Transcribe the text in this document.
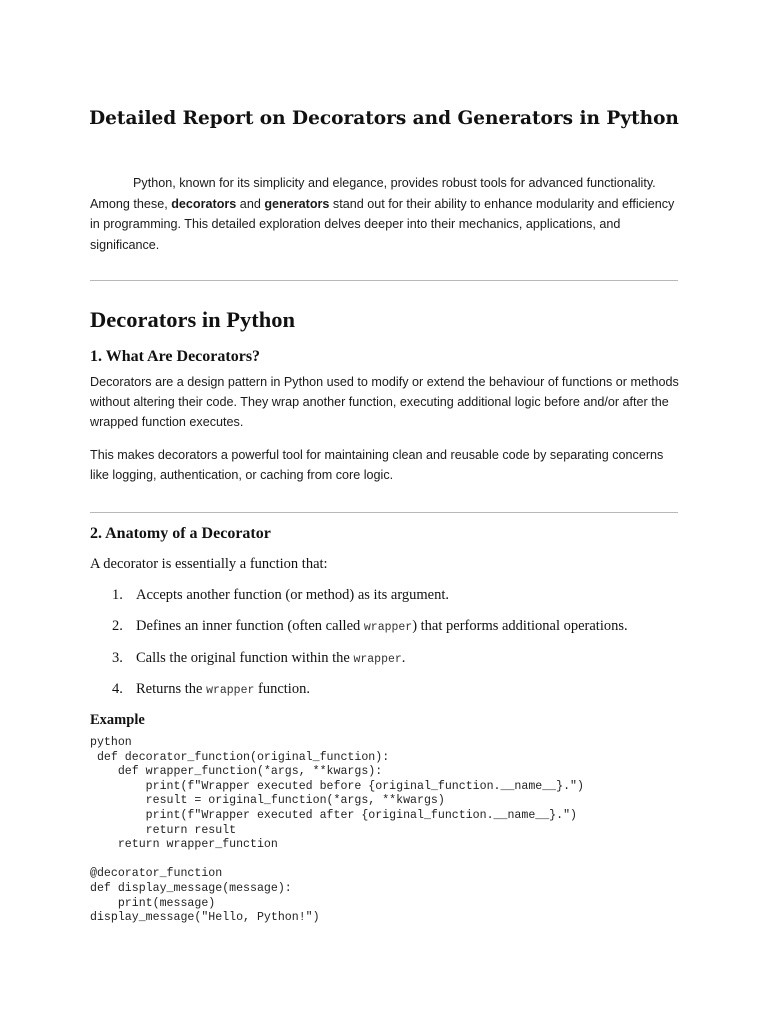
Detailed Report on Decorators and Generators in Python

Python, known for its simplicity and elegance, provides robust tools for advanced functionality. Among these, decorators and generators stand out for their ability to enhance modularity and efficiency in programming. This detailed exploration delves deeper into their mechanics, applications, and significance.

Decorators in Python
1. What Are Decorators?

Decorators are a design pattern in Python used to modify or extend the behaviour of functions or methods without altering their code. They wrap another function, executing additional logic before and/or after the wrapped function executes.

This makes decorators a powerful tool for maintaining clean and reusable code by separating concerns like logging, authentication, or caching from core logic.

2. Anatomy of a Decorator

A decorator is essentially a function that:

1. Accepts another function (or method) as its argument.

2. Defines an inner function (often called wrapper) that performs additional operations.

3. Calls the original function within the wrapper.

4. Returns the wrapper function.

Example
python
def decorator_function(original_function):
def wrapper_function(*args, **kwargs):
print(f"Wrapper executed before {original_function.__name__}.")
result = original_function(*args, **kwargs)
print(f"Wrapper executed after {original_function.__name__}.")
return result
return wrapper_function
@decorator_function
def display_message(message):
print(message)
display_message("Hello, Python!")
